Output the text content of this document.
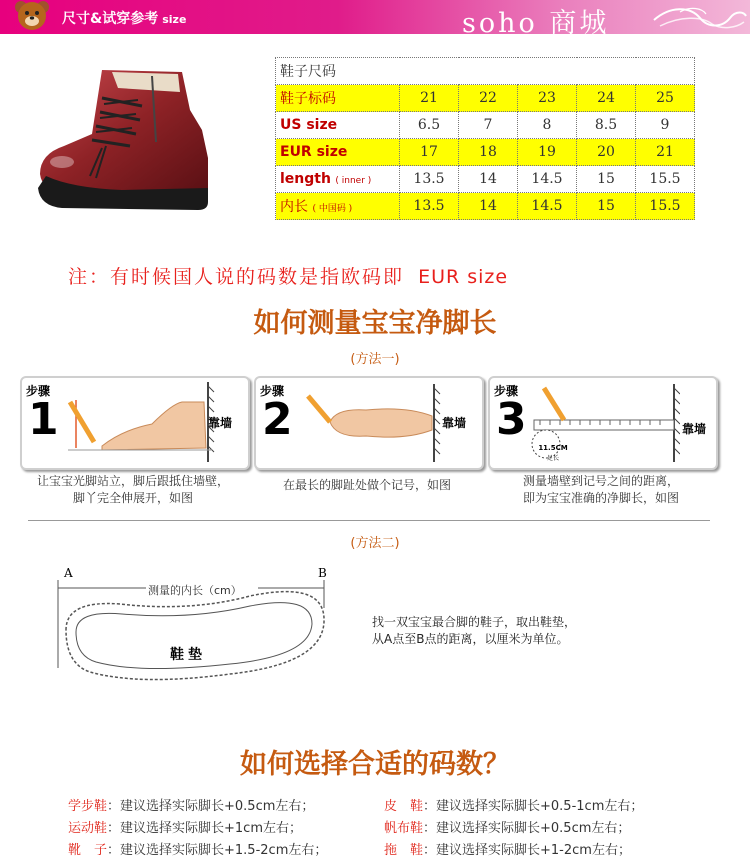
尺寸&试穿参考 size	soho 商城
鞋子尺码					
鞋子标码	21	22	23	24	25
US size	6.5	7	8	8.5	9
EUR size	17	18	19	20	21
length ( inner )	13.5	14	14.5	15	15.5
内长 ( 中国码 )	13.5	14	14.5	15	15.5
注：有时候国人说的码数是指欧码即 EUR size
如何测量宝宝净脚长
(方法一)
步骤
1	靠墙
让宝宝光脚站立，脚后跟抵住墙壁，
脚丫完全伸展开，如图
步骤
2	靠墙
在最长的脚趾处做个记号，如图
步骤
3
11.5CM
足长
靠墙
测量墙壁到记号之间的距离，
即为宝宝准确的净脚长，如图
(方法二)
A	B
测量的内长（cm）
鞋垫
找一双宝宝最合脚的鞋子，取出鞋垫，
从A点至B点的距离，以厘米为单位。
如何选择合适的码数？
学步鞋：建议选择实际脚长+0.5cm左右；
运动鞋：建议选择实际脚长+1cm左右；
靴　子：建议选择实际脚长+1.5-2cm左右；
皮　鞋：建议选择实际脚长+0.5-1cm左右；
帆布鞋：建议选择实际脚长+0.5cm左右；
拖　鞋：建议选择实际脚长+1-2cm左右；
